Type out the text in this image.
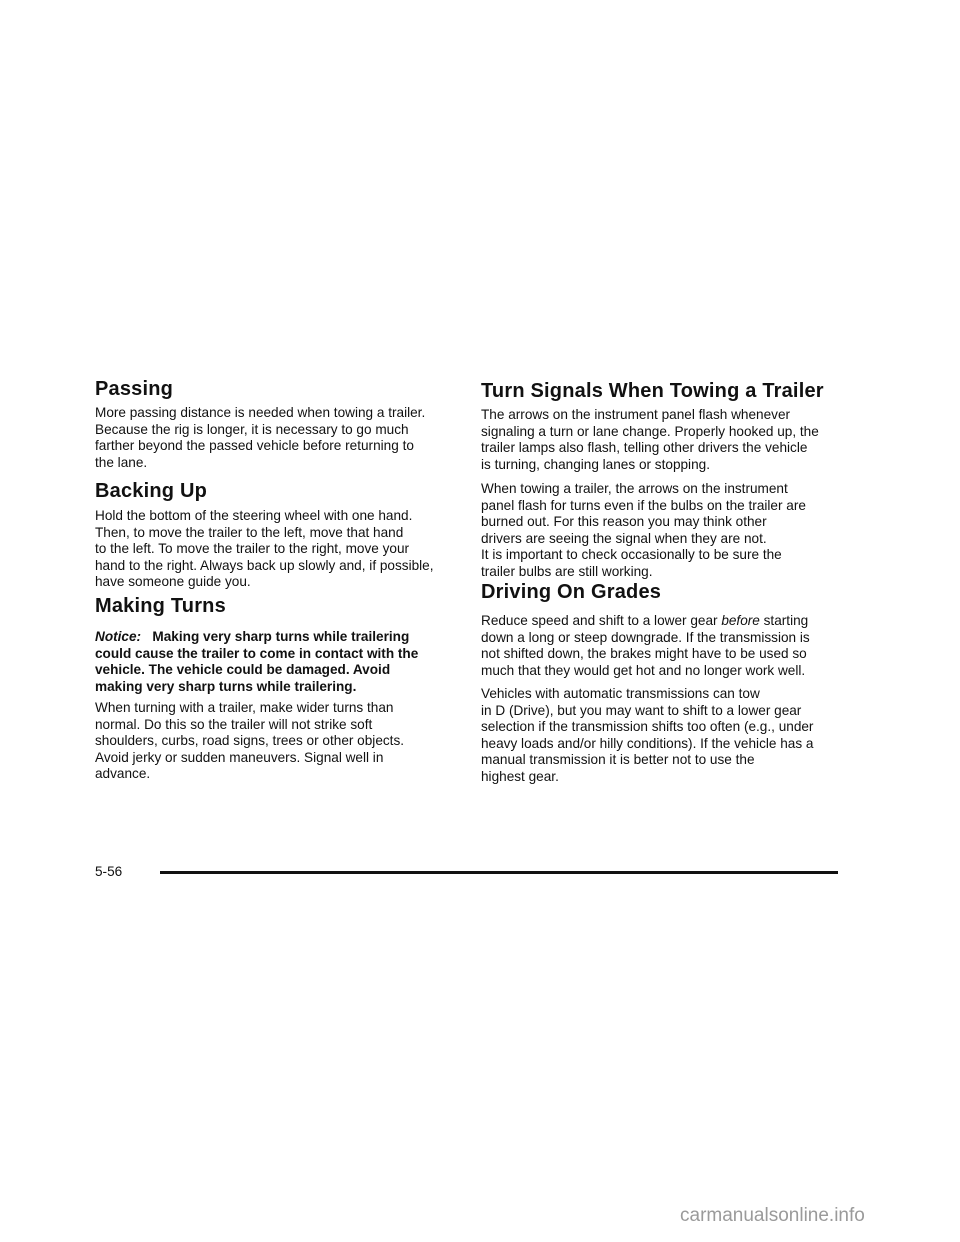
Passing

More passing distance is needed when towing a trailer.
Because the rig is longer, it is necessary to go much
farther beyond the passed vehicle before returning to
the lane.

Backing Up

Hold the bottom of the steering wheel with one hand.
Then, to move the trailer to the left, move that hand
to the left. To move the trailer to the right, move your
hand to the right. Always back up slowly and, if possible,
have someone guide you.

Making Turns

Notice: Making very sharp turns while trailering
could cause the trailer to come in contact with the
vehicle. The vehicle could be damaged. Avoid
making very sharp turns while trailering.

When turning with a trailer, make wider turns than
normal. Do this so the trailer will not strike soft
shoulders, curbs, road signs, trees or other objects.
Avoid jerky or sudden maneuvers. Signal well in
advance.

Turn Signals When Towing a Trailer

The arrows on the instrument panel flash whenever
signaling a turn or lane change. Properly hooked up, the
trailer lamps also flash, telling other drivers the vehicle
is turning, changing lanes or stopping.

When towing a trailer, the arrows on the instrument
panel flash for turns even if the bulbs on the trailer are
burned out. For this reason you may think other
drivers are seeing the signal when they are not.
It is important to check occasionally to be sure the
trailer bulbs are still working.

Driving On Grades

Reduce speed and shift to a lower gear before starting
down a long or steep downgrade. If the transmission is
not shifted down, the brakes might have to be used so
much that they would get hot and no longer work well.

Vehicles with automatic transmissions can tow
in D (Drive), but you may want to shift to a lower gear
selection if the transmission shifts too often (e.g., under
heavy loads and/or hilly conditions). If the vehicle has a
manual transmission it is better not to use the
highest gear.

5-56
carmanualsonline.info
